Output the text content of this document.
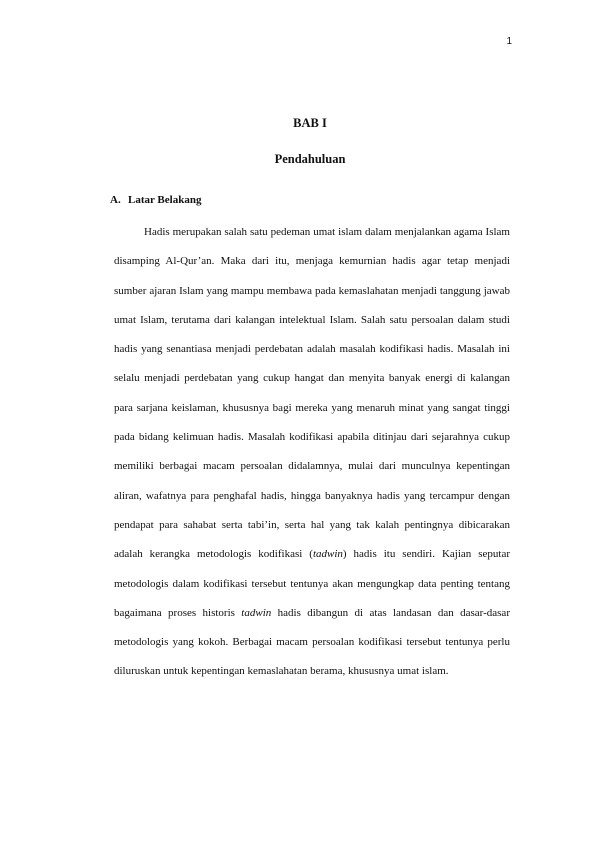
1
BAB I
Pendahuluan
A. Latar Belakang

Hadis merupakan salah satu pedeman umat islam dalam menjalankan agama Islam disamping Al-Qur’an. Maka dari itu, menjaga kemurnian hadis agar tetap menjadi sumber ajaran Islam yang mampu membawa pada kemaslahatan menjadi tanggung jawab umat Islam, terutama dari kalangan intelektual Islam. Salah satu persoalan dalam studi hadis yang senantiasa menjadi perdebatan adalah masalah kodifikasi hadis. Masalah ini selalu menjadi perdebatan yang cukup hangat dan menyita banyak energi di kalangan para sarjana keislaman, khususnya bagi mereka yang menaruh minat yang sangat tinggi pada bidang kelimuan hadis. Masalah kodifikasi apabila ditinjau dari sejarahnya cukup memiliki berbagai macam persoalan didalamnya, mulai dari munculnya kepentingan aliran, wafatnya para penghafal hadis, hingga banyaknya hadis yang tercampur dengan pendapat para sahabat serta tabi’in, serta hal yang tak kalah pentingnya dibicarakan adalah kerangka metodologis kodifikasi (tadwin) hadis itu sendiri. Kajian seputar metodologis dalam kodifikasi tersebut tentunya akan mengungkap data penting tentang bagaimana proses historis tadwin hadis dibangun di atas landasan dan dasar-dasar metodologis yang kokoh. Berbagai macam persoalan kodifikasi tersebut tentunya perlu diluruskan untuk kepentingan kemaslahatan berama, khususnya umat islam.
